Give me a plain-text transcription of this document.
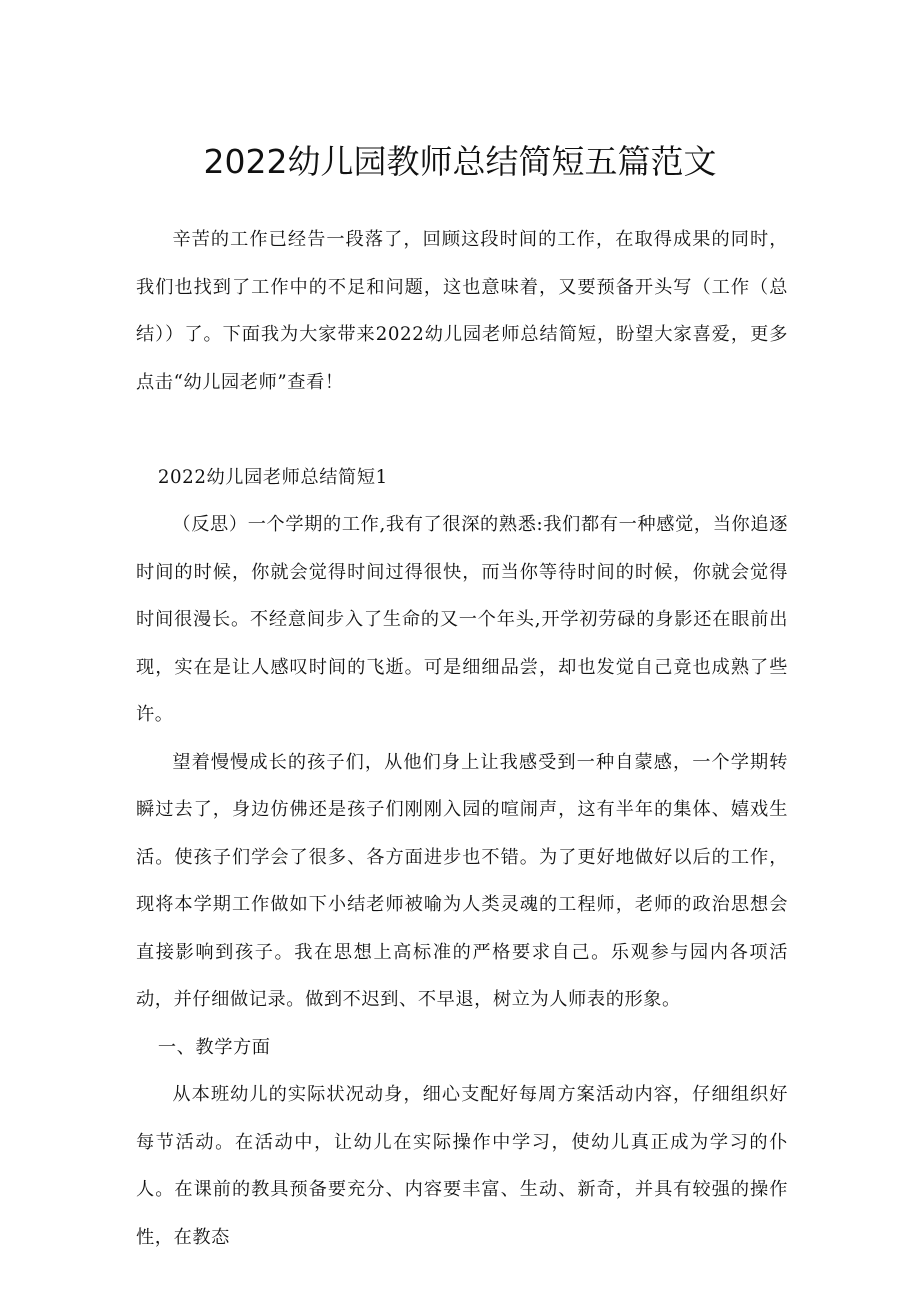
2022幼儿园教师总结简短五篇范文

辛苦的工作已经告一段落了，回顾这段时间的工作，在取得成果的同时，我们也找到了工作中的不足和问题，这也意味着，又要预备开头写（工作（总结））了。下面我为大家带来2022幼儿园老师总结简短，盼望大家喜爱，更多点击“幼儿园老师”查看！

2022幼儿园老师总结简短1

（反思）一个学期的工作,我有了很深的熟悉:我们都有一种感觉，当你追逐时间的时候，你就会觉得时间过得很快，而当你等待时间的时候，你就会觉得时间很漫长。不经意间步入了生命的又一个年头,开学初劳碌的身影还在眼前出现，实在是让人感叹时间的飞逝。可是细细品尝，却也发觉自己竟也成熟了些许。

望着慢慢成长的孩子们，从他们身上让我感受到一种自蒙感，一个学期转瞬过去了，身边仿佛还是孩子们刚刚入园的喧闹声，这有半年的集体、嬉戏生活。使孩子们学会了很多、各方面进步也不错。为了更好地做好以后的工作，现将本学期工作做如下小结老师被喻为人类灵魂的工程师，老师的政治思想会直接影响到孩子。我在思想上高标准的严格要求自己。乐观参与园内各项活动，并仔细做记录。做到不迟到、不早退，树立为人师表的形象。

一、教学方面

从本班幼儿的实际状况动身，细心支配好每周方案活动内容，仔细组织好每节活动。在活动中，让幼儿在实际操作中学习，使幼儿真正成为学习的仆人。在课前的教具预备要充分、内容要丰富、生动、新奇，并具有较强的操作性，在教态
